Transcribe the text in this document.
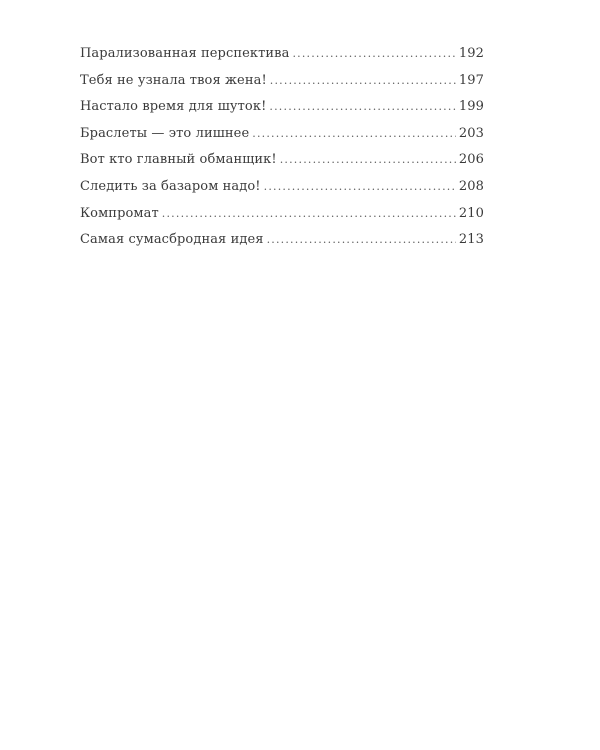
Парализованная перспектива .....	192
Тебя не узнала твоя жена! .....	197
Настало время для шуток! .....	199
Браслеты — это лишнее .....	203
Вот кто главный обманщик! .....	206
Следить за базаром надо! .....	208
Компромат .....	210
Самая сумасбродная идея .....	213
